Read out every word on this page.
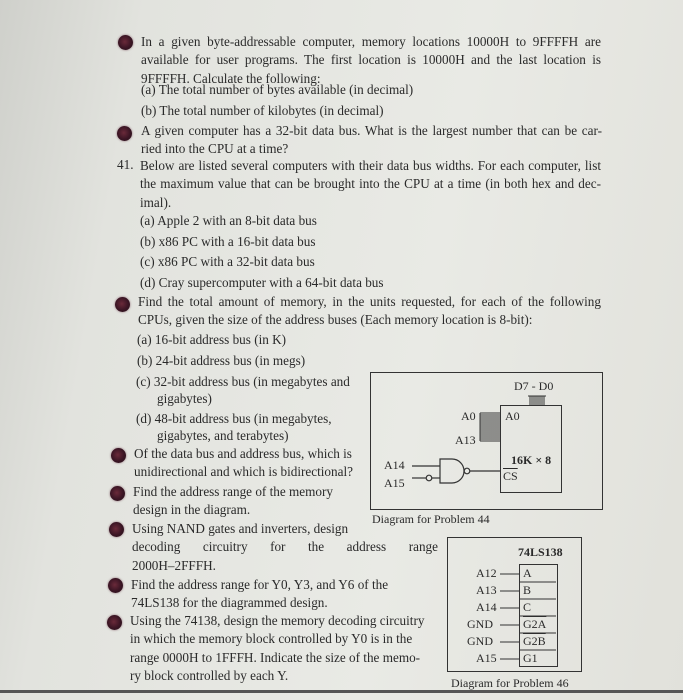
In a given byte-addressable computer, memory locations 10000H to 9FFFFH are
available for user programs. The first location is 10000H and the last location is
9FFFFH. Calculate the following:
(a) The total number of bytes available (in decimal)
(b) The total number of kilobytes (in decimal)
A given computer has a 32-bit data bus. What is the largest number that can be car-
ried into the CPU at a time?
41. Below are listed several computers with their data bus widths. For each computer, list
the maximum value that can be brought into the CPU at a time (in both hex and dec-
imal).
(a) Apple 2 with an 8-bit data bus
(b) x86 PC with a 16-bit data bus
(c) x86 PC with a 32-bit data bus
(d) Cray supercomputer with a 64-bit data bus
Find the total amount of memory, in the units requested, for each of the following
CPUs, given the size of the address buses (Each memory location is 8-bit):
(a) 16-bit address bus (in K)
(b) 24-bit address bus (in megs)
(c) 32-bit address bus (in megabytes and
gigabytes)
(d) 48-bit address bus (in megabytes,
gigabytes, and terabytes)
Of the data bus and address bus, which is
unidirectional and which is bidirectional?
Find the address range of the memory
design in the diagram.
Using NAND gates and inverters, design
decoding circuitry for the address range
2000H–2FFFH.
Find the address range for Y0, Y3, and Y6 of the
74LS138 for the diagrammed design.
Using the 74138, design the memory decoding circuitry
in which the memory block controlled by Y0 is in the
range 0000H to 1FFFH. Indicate the size of the memo-
ry block controlled by each Y.
D7 - D0
A0
A13
A0
16K × 8
$\overline{CS}$
A14
A15
Diagram for Problem 44
74LS138
A12
A13
A14
GND
GND
A15
A
B
C
G2A
G2B
G1
Diagram for Problem 46
